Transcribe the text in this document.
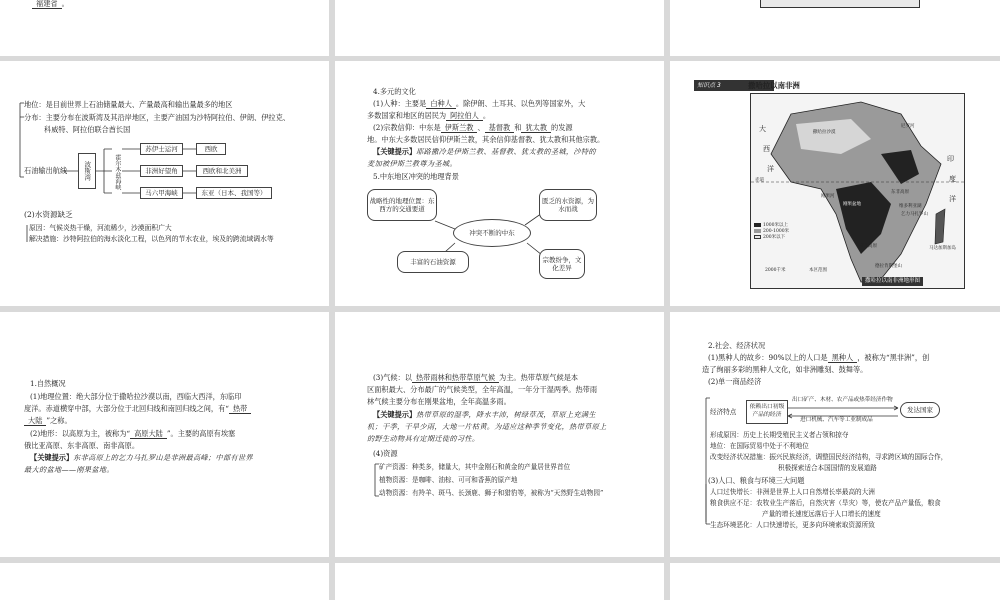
福建省 。
地位：是目前世界上石油储量最大、产量最高和输出量最多的地区
分布：主要分布在波斯湾及其沿岸地区，主要产油国为沙特阿拉伯、伊朗、伊拉克、
科威特、阿拉伯联合酋长国
石油输出航线	波斯湾	霍尔木兹海峡
苏伊士运河	西欧
非洲好望角	西欧和北美洲
马六甲海峡	东亚（日本、我国等）
(2)水资源缺乏
原因：气候炎热干燥，河流稀少，沙漠面积广大
解决措施：沙特阿拉伯的海水淡化工程，以色列的节水农业，埃及的跨流域调水等
4.多元的文化
(1)人种：主要是 白种人 。除伊朗、土耳其、以色列等国家外，大
多数国家和地区的居民为 阿拉伯人 。
(2)宗教信仰：中东是 伊斯兰教 、 基督教 和 犹太教 的发源
地。中东大多数居民信仰伊斯兰教，其余信仰基督教、犹太教和其他宗教。
【关键提示】耶路撒冷是伊斯兰教、基督教、犹太教的圣城，沙特的
麦加被伊斯兰教尊为圣城。
5.中东地区冲突的地理背景
战略性的地理位置：东西方的交通要道
匮乏的水资源，为水而战
冲突不断的中东
丰富的石油资源	宗教纷争，文化差异
知识点 3	撒哈拉以南非洲
1000米以上
200-1000米
200米以下
2000千米	本区范围
大
西
洋
印
度
洋
刚果盆地
东非高原
南非高原
维多利亚湖
乞力马扎罗山
撒哈拉沙漠
赤道
马达加斯加岛
德拉肯斯堡山
刚果河
尼罗河
撒哈拉以南非洲地形图
1.自然概况
(1)地理位置：绝大部分位于撒哈拉沙漠以南，西临大西洋，东临印
度洋。赤道横穿中部，大部分位于北回归线和南回归线之间，有“ 热带
大陆 ”之称。
(2)地形：以高原为主，被称为“ 高原大陆 ”。主要的高原有埃塞
俄比亚高原、东非高原、南非高原。
【关键提示】东非高原上的乞力马扎罗山是非洲最高峰；中部有世界
最大的盆地——刚果盆地。
(3)气候：以 热带雨林和热带草原气候 为主。热带草原气候是本
区面积最大、分布最广的气候类型，全年高温，一年分干湿两季。热带雨
林气候主要分布在刚果盆地，全年高温多雨。
【关键提示】热带草原的湿季，降水丰沛，树绿草茂，草原上充满生
机；干季，干旱少雨，大地一片枯黄。为适应这种季节变化，热带草原上
的野生动物具有定期迁徙的习性。
(4)资源
矿产资源：种类多，储量大，其中金刚石和黄金的产量居世界首位
植物资源：是咖啡、油棕、可可和香蕉的原产地
动物资源：有羚羊、斑马、长颈鹿、狮子和猎豹等，被称为“天然野生动物园”
2.社会、经济状况
(1)黑种人的故乡：90%以上的人口是 黑种人 ，被称为“黑非洲”，创
造了绚丽多彩的黑种人文化，如非洲雕刻、鼓舞等。
(2)单一商品经济
经济特点
依赖出口初级产品的经济
出口矿产、木材、农产品或热带经济作物
进口机械、汽车等工业制成品
发达国家
形成原因：历史上长期受殖民主义者占领和掠夺
地位：在国际贸易中处于不利地位
改变经济状况措施：振兴民族经济，调整国民经济结构，寻求跨区域的国际合作，
积极探索适合本国国情的发展道路
(3)人口、粮食与环境三大问题
人口过快增长：非洲是世界上人口自然增长率最高的大洲
粮食供应不足：农牧业生产落后，自然灾害（旱灾）等，使农产品产量低，粮食
产量的增长速度远落后于人口增长的速度
生态环境恶化：人口快速增长，更多向环境索取资源所致
